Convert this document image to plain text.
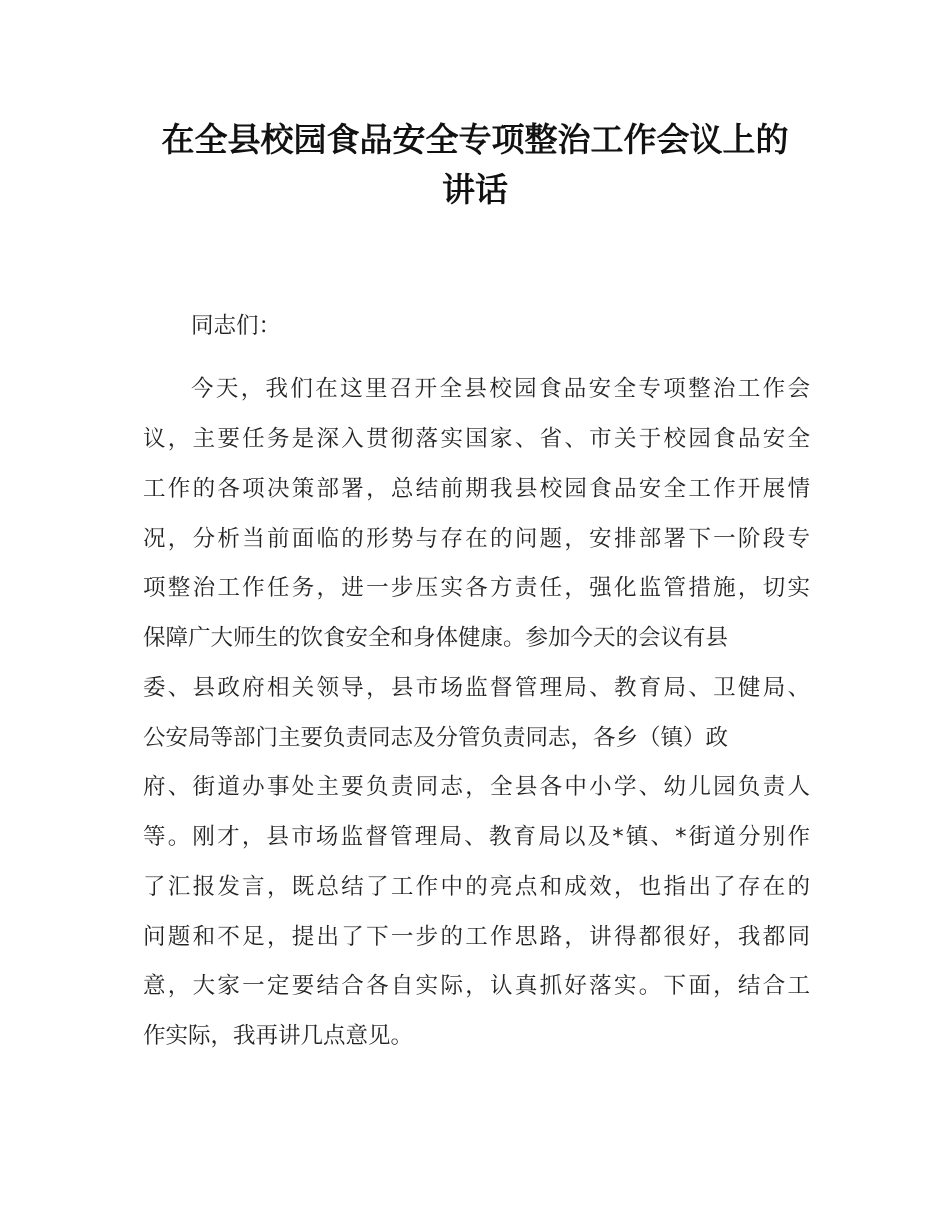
在全县校园食品安全专项整治工作会议上的
讲话

同志们：

今天，我们在这里召开全县校园食品安全专项整治工作会

议，主要任务是深入贯彻落实国家、省、市关于校园食品安全

工作的各项决策部署，总结前期我县校园食品安全工作开展情

况，分析当前面临的形势与存在的问题，安排部署下一阶段专

项整治工作任务，进一步压实各方责任，强化监管措施，切实

保障广大师生的饮食安全和身体健康。参加今天的会议有县

委、县政府相关领导，县市场监督管理局、教育局、卫健局、

公安局等部门主要负责同志及分管负责同志，各乡（镇）政

府、街道办事处主要负责同志，全县各中小学、幼儿园负责人

等。刚才，县市场监督管理局、教育局以及*镇、*街道分别作

了汇报发言，既总结了工作中的亮点和成效，也指出了存在的

问题和不足，提出了下一步的工作思路，讲得都很好，我都同

意，大家一定要结合各自实际，认真抓好落实。下面，结合工

作实际，我再讲几点意见。
